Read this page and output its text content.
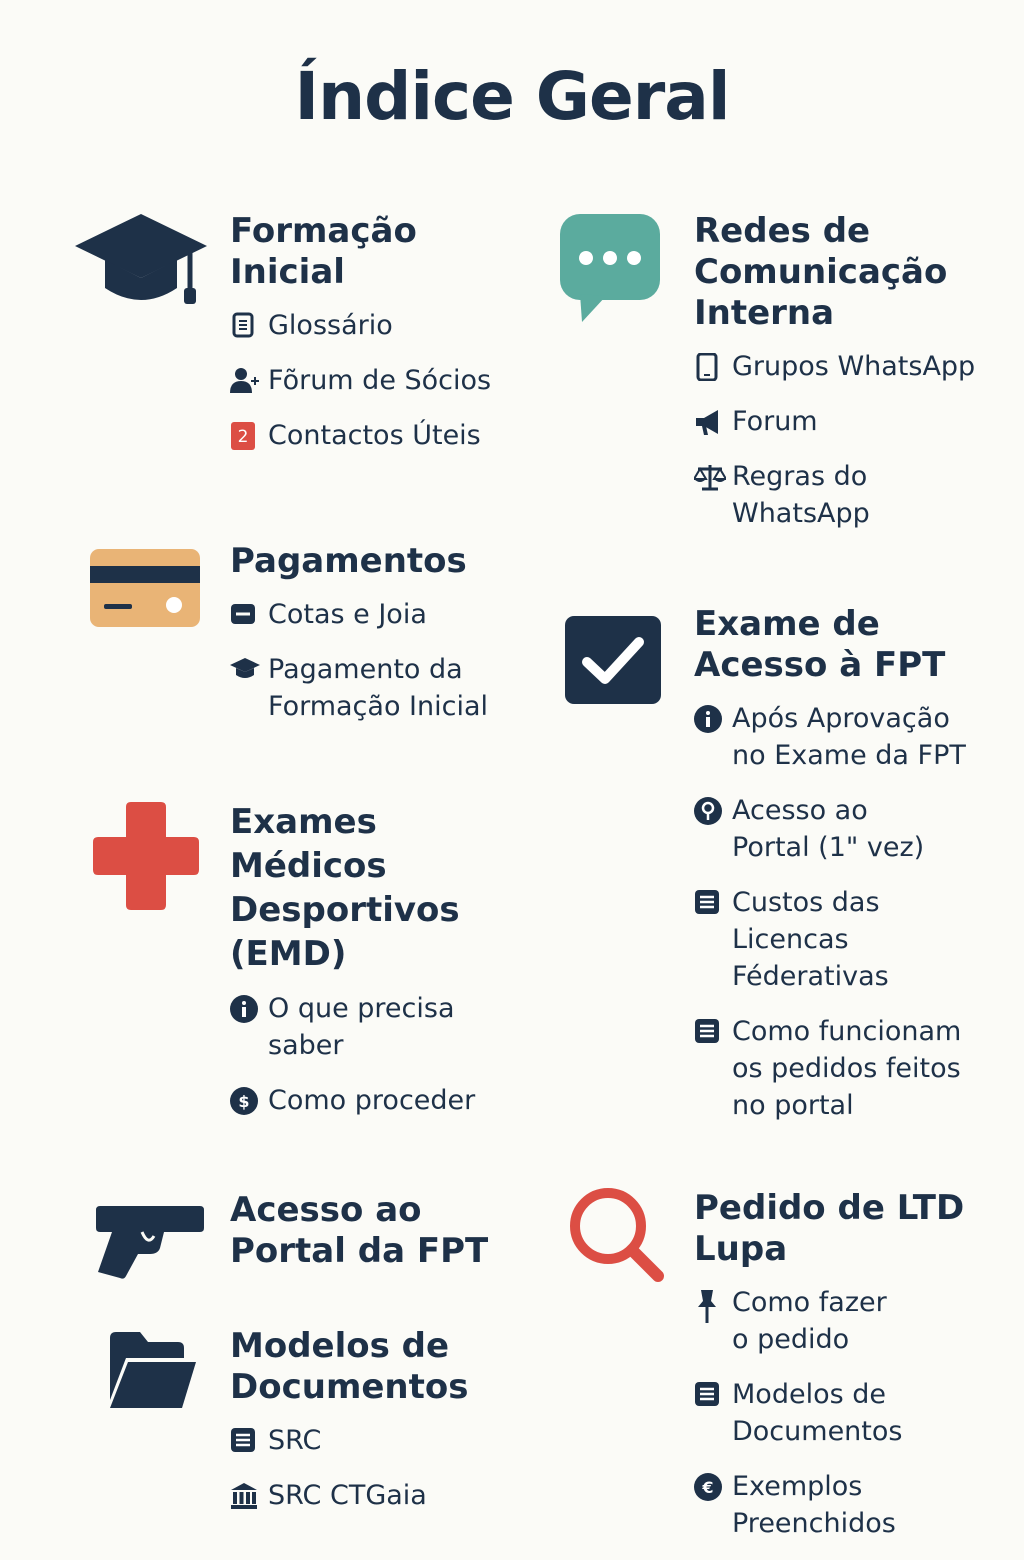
Índice Geral
Formação
Inicial
Glossário
Fõrum de Sócios
2 Contactos Úteis
Redes de
Comunicação
Interna
Grupos WhatsApp
Forum
Regras do
WhatsApp
Pagamentos
Cotas e Joia
Pagamento da
Formação Inicial
Exame de
Acesso à FPT
Após Aprovação
no Exame da FPT
Acesso ao
Portal (1" vez)
Custos das
Licencas
Féderativas
Como funcionam
os pedidos feitos
no portal
Exames
Médicos
Desportivos
(EMD)
O que precisa
saber
$ Como proceder
Acesso ao
Portal da FPT
Pedido de LTD
Lupa
Como fazer
o pedido
Modelos de
Documentos
€ Exemplos
Preenchidos
Modelos de
Documentos
SRC
SRC CTGaia
